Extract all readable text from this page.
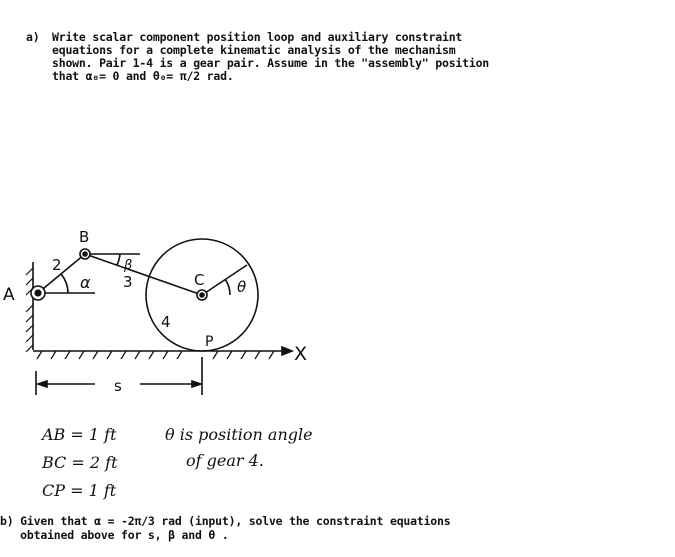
a) Write scalar component position loop and auxiliary constraint
equations for a complete kinematic analysis of the mechanism
shown. Pair 1-4 is a gear pair. Assume in the "assembly" position
that α₀= 0 and θ₀= π/2 rad.
A
B
C
P
X
2
3
4
α
β
θ
s
AB = 1 ft
BC = 2 ft
CP = 1 ft
θ is position angle
of gear 4.
b) Given that α = -2π/3 rad (input), solve the constraint equations
obtained above for s, β and θ .
